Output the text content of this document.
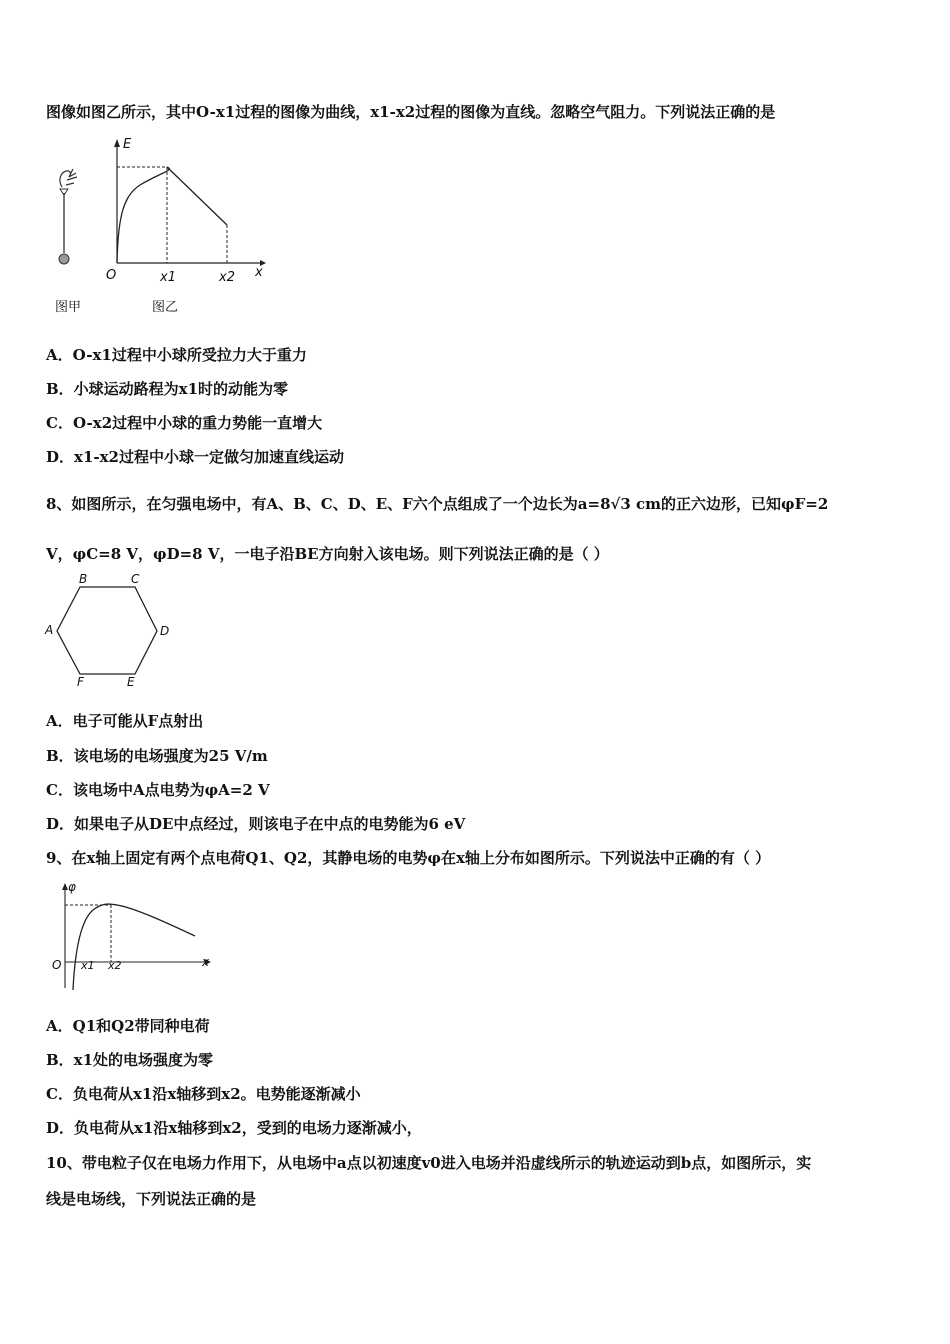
图像如图乙所示，其中O-x1过程的图像为曲线，x1-x2过程的图像为直线。忽略空气阻力。下列说法正确的是
图甲
E
O	x1	x2 x
图乙
A．O-x1过程中小球所受拉力大于重力
B．小球运动路程为x1时的动能为零
C．O-x2过程中小球的重力势能一直增大
D．x1-x2过程中小球一定做匀加速直线运动
8、如图所示，在匀强电场中，有A、B、C、D、E、F六个点组成了一个边长为a=8√3 cm的正六边形，已知φF=2
V，φC=8 V，φD=8 V，一电子沿BE方向射入该电场。则下列说法正确的是（ ）
B	C
A	D
F	E
A．电子可能从F点射出
B．该电场的电场强度为25 V/m
C．该电场中A点电势为φA=2 V
D．如果电子从DE中点经过，则该电子在中点的电势能为6 eV
9、在x轴上固定有两个点电荷Q1、Q2，其静电场的电势φ在x轴上分布如图所示。下列说法中正确的有（ ）
φ
O x1 x2	x
A．Q1和Q2带同种电荷
B．x1处的电场强度为零
C．负电荷从x1沿x轴移到x2。电势能逐渐减小
D．负电荷从x1沿x轴移到x2，受到的电场力逐渐减小，
10、带电粒子仅在电场力作用下，从电场中a点以初速度v0进入电场并沿虚线所示的轨迹运动到b点，如图所示，实
线是电场线，下列说法正确的是
